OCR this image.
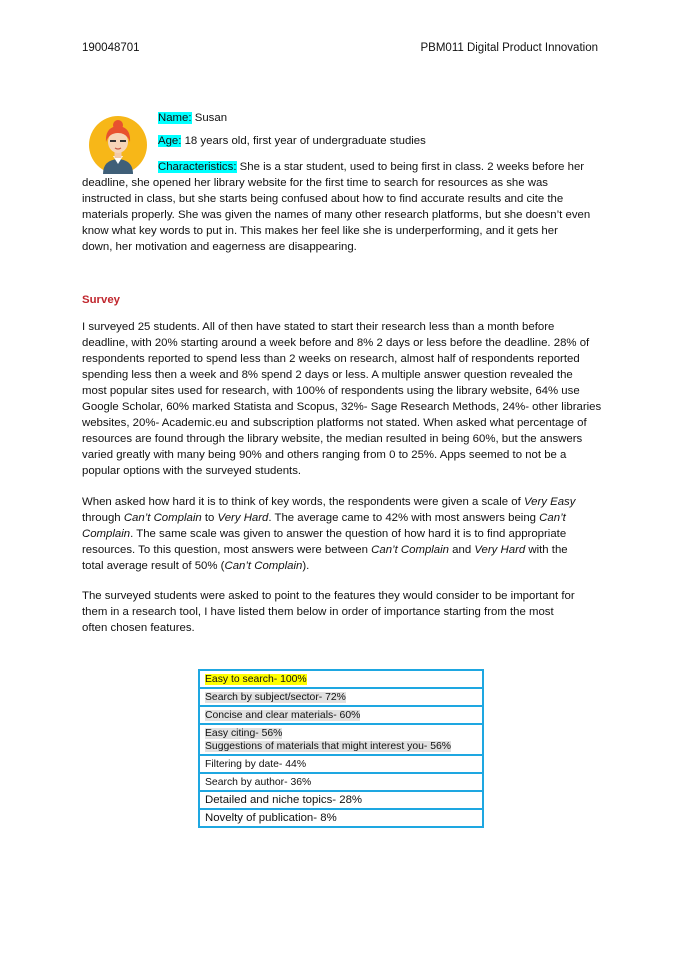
190048701	PBM011 Digital Product Innovation
Name: Susan
Age: 18 years old, first year of undergraduate studies
Characteristics: She is a star student, used to being first in class. 2 weeks before her
deadline, she opened her library website for the first time to search for resources as she was
instructed in class, but she starts being confused about how to find accurate results and cite the
materials properly. She was given the names of many other research platforms, but she doesn’t even
know what key words to put in. This makes her feel like she is underperforming, and it gets her
down, her motivation and eagerness are disappearing.
Survey
I surveyed 25 students. All of then have stated to start their research less than a month before
deadline, with 20% starting around a week before and 8% 2 days or less before the deadline. 28% of
respondents reported to spend less than 2 weeks on research, almost half of respondents reported
spending less then a week and 8% spend 2 days or less. A multiple answer question revealed the
most popular sites used for research, with 100% of respondents using the library website, 64% use
Google Scholar, 60% marked Statista and Scopus, 32%- Sage Research Methods, 24%- other libraries
websites, 20%- Academic.eu and subscription platforms not stated. When asked what percentage of
resources are found through the library website, the median resulted in being 60%, but the answers
varied greatly with many being 90% and others ranging from 0 to 25%. Apps seemed to not be a
popular options with the surveyed students.
When asked how hard it is to think of key words, the respondents were given a scale of Very Easy
through Can’t Complain to Very Hard. The average came to 42% with most answers being Can’t
Complain. The same scale was given to answer the question of how hard it is to find appropriate
resources. To this question, most answers were between Can’t Complain and Very Hard with the
total average result of 50% (Can’t Complain).
The surveyed students were asked to point to the features they would consider to be important for
them in a research tool, I have listed them below in order of importance starting from the most
often chosen features.
Easy to search- 100%
Search by subject/sector- 72%
Concise and clear materials- 60%
Easy citing- 56%
Suggestions of materials that might interest you- 56%
Filtering by date- 44%
Search by author- 36%
Detailed and niche topics- 28%
Novelty of publication- 8%
